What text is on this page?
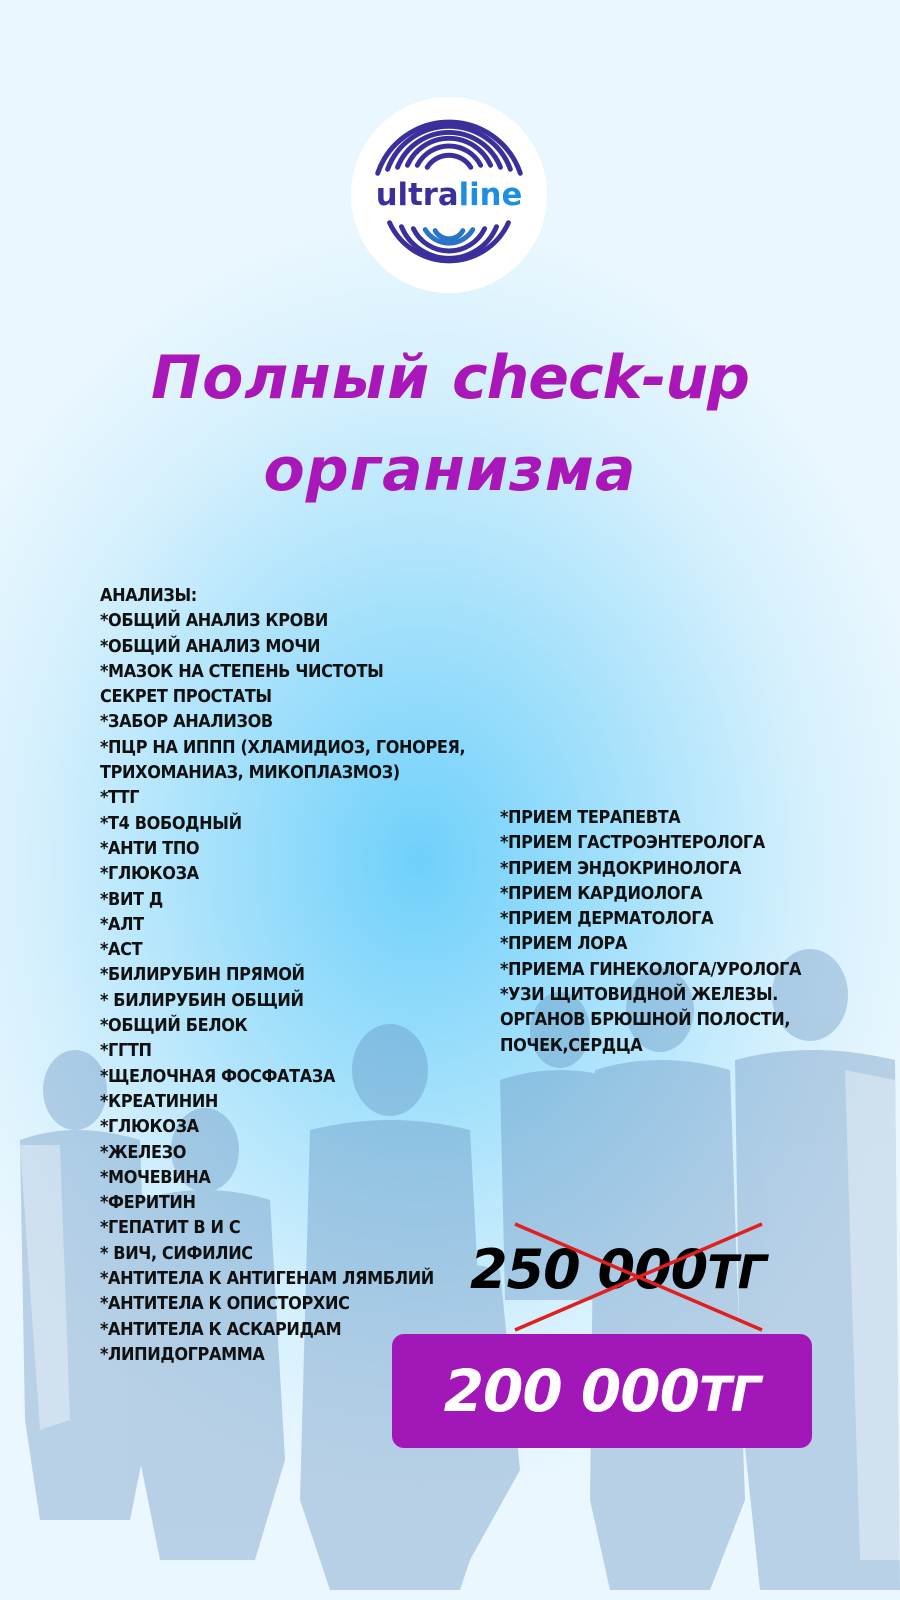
ultraline
Полный check-up
организма
АНАЛИЗЫ:
*ОБЩИЙ АНАЛИЗ КРОВИ
*ОБЩИЙ АНАЛИЗ МОЧИ
*МАЗОК НА СТЕПЕНЬ ЧИСТОТЫ
СЕКРЕТ ПРОСТАТЫ
*ЗАБОР АНАЛИЗОВ
*ПЦР НА ИППП (ХЛАМИДИОЗ, ГОНОРЕЯ,
ТРИХОМАНИАЗ, МИКОПЛАЗМОЗ)
*ТТГ
*Т4 ВОБОДНЫЙ
*АНТИ ТПО
*ГЛЮКОЗА
*ВИТ Д
*АЛТ
*АСТ
*БИЛИРУБИН ПРЯМОЙ
* БИЛИРУБИН ОБЩИЙ
*ОБЩИЙ БЕЛОК
*ГГТП
*ЩЕЛОЧНАЯ ФОСФАТАЗА
*КРЕАТИНИН
*ГЛЮКОЗА
*ЖЕЛЕЗО
*МОЧЕВИНА
*ФЕРИТИН
*ГЕПАТИТ В И С
* ВИЧ, СИФИЛИС
*АНТИТЕЛА К АНТИГЕНАМ ЛЯМБЛИЙ
*АНТИТЕЛА К ОПИСТОРХИС
*АНТИТЕЛА К АСКАРИДАМ
*ЛИПИДОГРАММА
*ПРИЕМ ТЕРАПЕВТА
*ПРИЕМ ГАСТРОЭНТЕРОЛОГА
*ПРИЕМ ЭНДОКРИНОЛОГА
*ПРИЕМ КАРДИОЛОГА
*ПРИЕМ ДЕРМАТОЛОГА
*ПРИЕМ ЛОРА
*ПРИЕМА ГИНЕКОЛОГА/УРОЛОГА
*УЗИ ЩИТОВИДНОЙ ЖЕЛЕЗЫ.
ОРГАНОВ БРЮШНОЙ ПОЛОСТИ,
ПОЧЕК,СЕРДЦА
250 000ТГ
200 000ТГ
